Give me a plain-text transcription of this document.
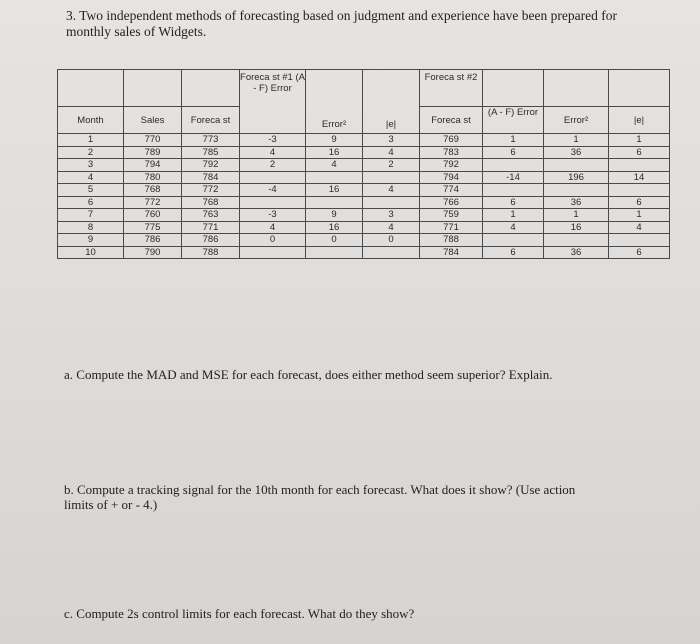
3. Two independent methods of forecasting based on judgment and experience have been prepared for monthly sales of Widgets.
			Foreca st #1 (A - F) Error	Error²	|e|	Foreca st #2			
Month	Sales	Foreca st				Foreca st	(A - F) Error	Error²	|e|
1	770	773	-3	9	3	769	1	1	1
2	789	785	4	16	4	783	6	36	6
3	794	792	2	4	2	792			
4	780	784				794	-14	196	14
5	768	772	-4	16	4	774			
6	772	768				766	6	36	6
7	760	763	-3	9	3	759	1	1	1
8	775	771	4	16	4	771	4	16	4
9	786	786	0	0	0	788			
10	790	788				784	6	36	6
a. Compute the MAD and MSE for each forecast, does either method seem superior? Explain.
b. Compute a tracking signal for the 10th month for each forecast. What does it show? (Use action limits of + or - 4.)
c. Compute 2s control limits for each forecast. What do they show?
